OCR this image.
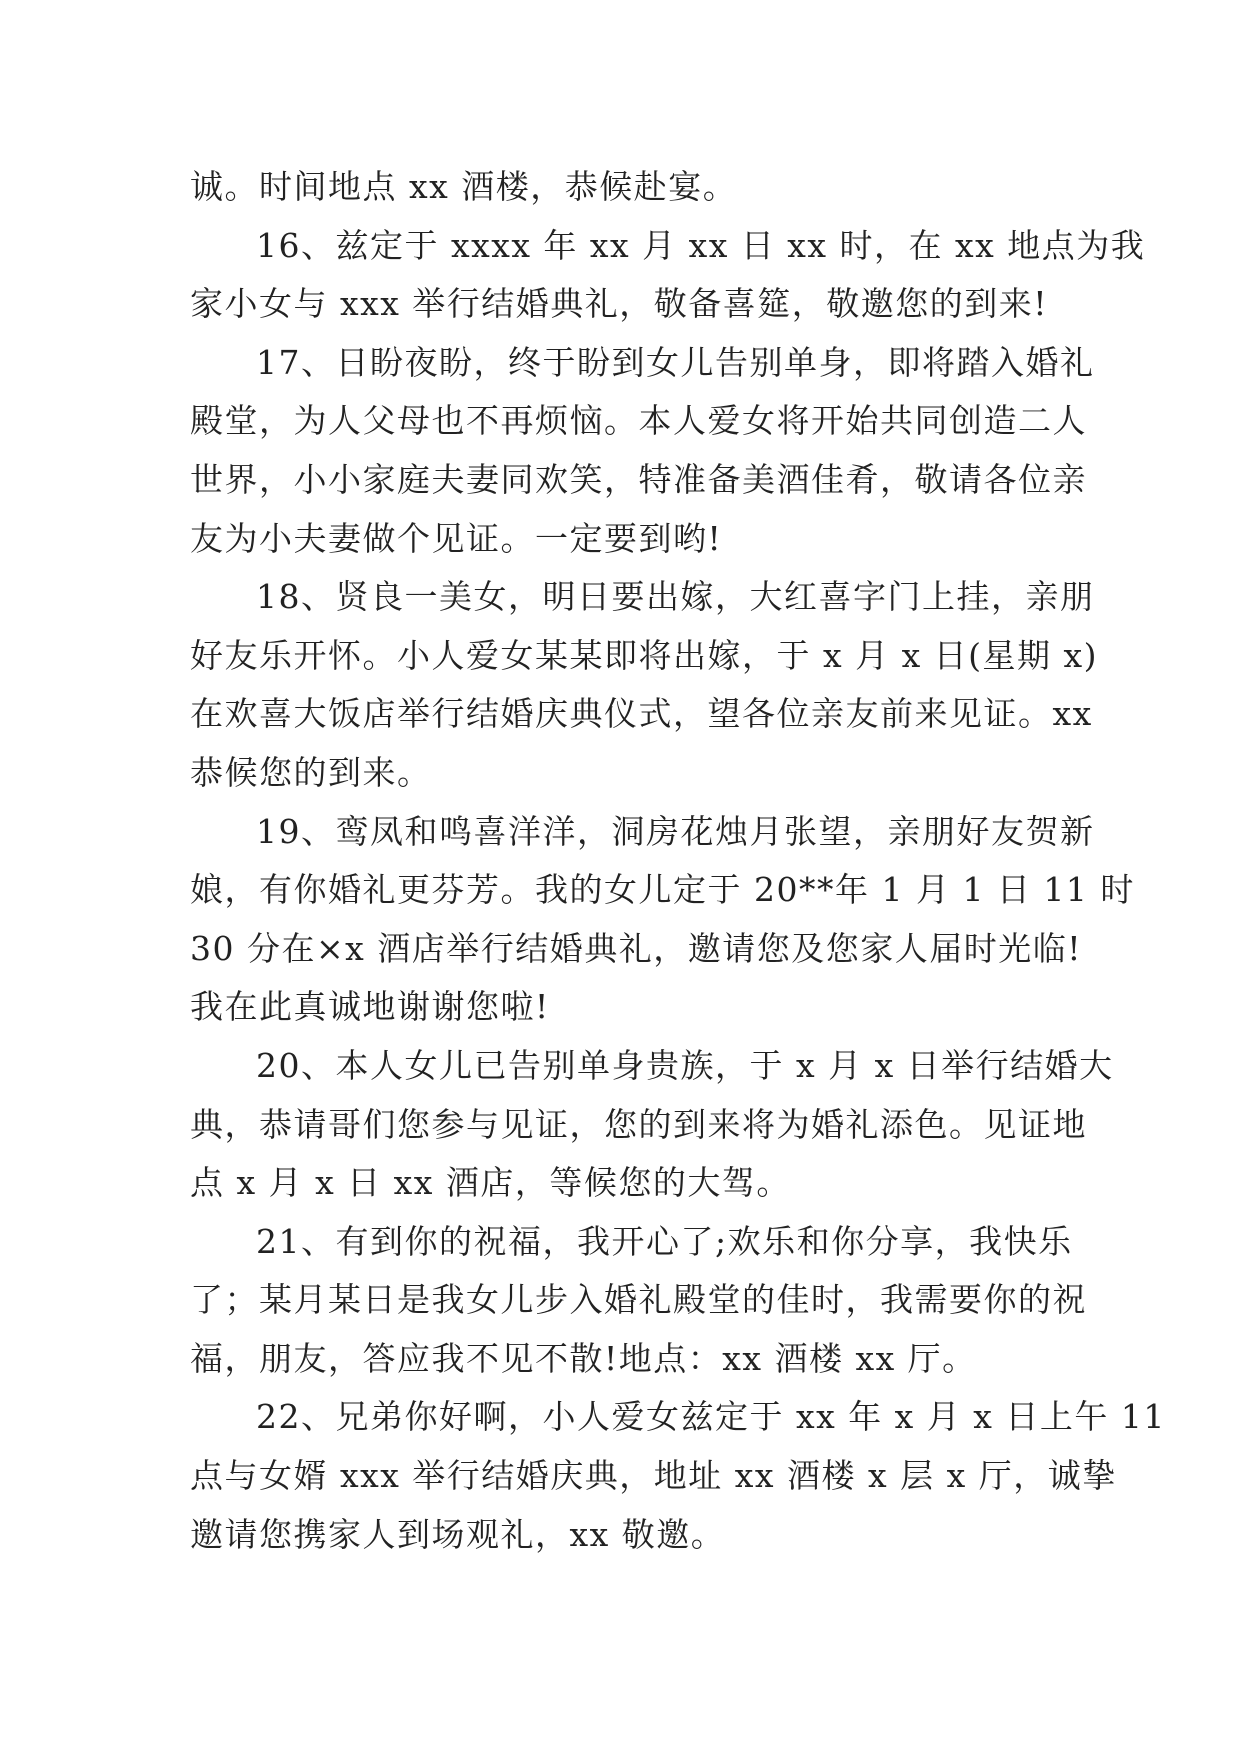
诚。时间地点 xx 酒楼，恭候赴宴。
16、兹定于 xxxx 年 xx 月 xx 日 xx 时，在 xx 地点为我
家小女与 xxx 举行结婚典礼，敬备喜筵，敬邀您的到来!
17、日盼夜盼，终于盼到女儿告别单身，即将踏入婚礼
殿堂，为人父母也不再烦恼。本人爱女将开始共同创造二人
世界，小小家庭夫妻同欢笑，特准备美酒佳肴，敬请各位亲
友为小夫妻做个见证。一定要到哟!
18、贤良一美女，明日要出嫁，大红喜字门上挂，亲朋
好友乐开怀。小人爱女某某即将出嫁，于 x 月 x 日(星期 x)
在欢喜大饭店举行结婚庆典仪式，望各位亲友前来见证。xx
恭候您的到来。
19、鸾凤和鸣喜洋洋，洞房花烛月张望，亲朋好友贺新
娘，有你婚礼更芬芳。我的女儿定于 20**年 1 月 1 日 11 时
30 分在×x 酒店举行结婚典礼，邀请您及您家人届时光临!
我在此真诚地谢谢您啦!
20、本人女儿已告别单身贵族，于 x 月 x 日举行结婚大
典，恭请哥们您参与见证，您的到来将为婚礼添色。见证地
点 x 月 x 日 xx 酒店，等候您的大驾。
21、有到你的祝福，我开心了;欢乐和你分享，我快乐
了；某月某日是我女儿步入婚礼殿堂的佳时，我需要你的祝
福，朋友，答应我不见不散!地点：xx 酒楼 xx 厅。
22、兄弟你好啊，小人爱女兹定于 xx 年 x 月 x 日上午 11
点与女婿 xxx 举行结婚庆典，地址 xx 酒楼 x 层 x 厅，诚挚
邀请您携家人到场观礼，xx 敬邀。
